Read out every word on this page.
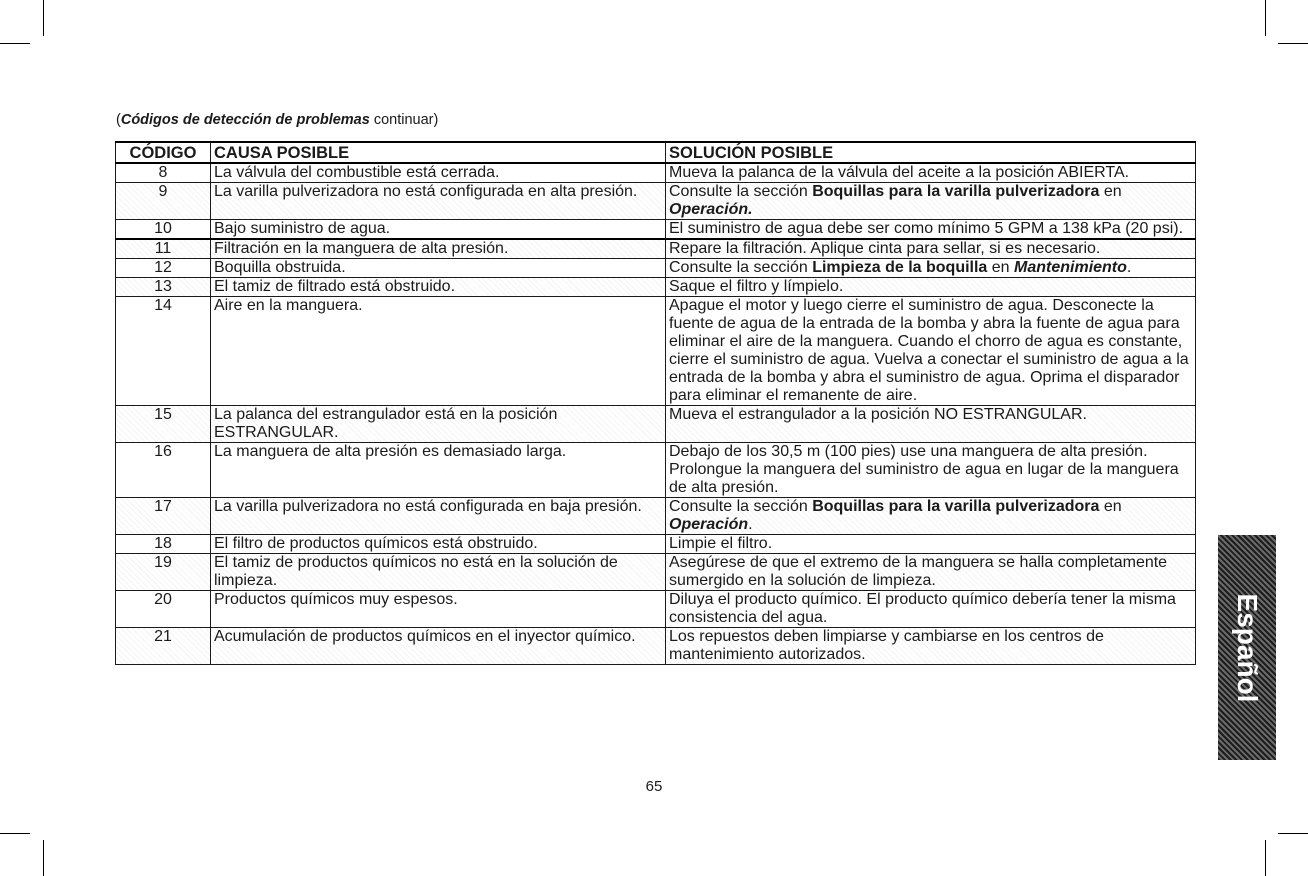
(Códigos de detección de problemas continuar)
CÓDIGO	CAUSA POSIBLE	SOLUCIÓN POSIBLE
8	La válvula del combustible está cerrada.	Mueva la palanca de la válvula del aceite a la posición ABIERTA.
9	La varilla pulverizadora no está configurada en alta presión.	Consulte la sección Boquillas para la varilla pulverizadora en Operación.
10	Bajo suministro de agua.	El suministro de agua debe ser como mínimo 5 GPM a 138 kPa (20 psi).
11	Filtración en la manguera de alta presión.	Repare la filtración. Aplique cinta para sellar, si es necesario.
12	Boquilla obstruida.	Consulte la sección Limpieza de la boquilla en Mantenimiento.
13	El tamiz de filtrado está obstruido.	Saque el filtro y límpielo.
14	Aire en la manguera.	Apague el motor y luego cierre el suministro de agua. Desconecte la fuente de agua de la entrada de la bomba y abra la fuente de agua para eliminar el aire de la manguera. Cuando el chorro de agua es constante, cierre el suministro de agua. Vuelva a conectar el suministro de agua a la entrada de la bomba y abra el suministro de agua. Oprima el disparador para eliminar el remanente de aire.
15	La palanca del estrangulador está en la posición ESTRANGULAR.	Mueva el estrangulador a la posición NO ESTRANGULAR.
16	La manguera de alta presión es demasiado larga.	Debajo de los 30,5 m (100 pies) use una manguera de alta presión. Prolongue la manguera del suministro de agua en lugar de la manguera de alta presión.
17	La varilla pulverizadora no está configurada en baja presión.	Consulte la sección Boquillas para la varilla pulverizadora en Operación.
18	El filtro de productos químicos está obstruido.	Limpie el filtro.
19	El tamiz de productos químicos no está en la solución de limpieza.	Asegúrese de que el extremo de la manguera se halla completamente sumergido en la solución de limpieza.
20	Productos químicos muy espesos.	Diluya el producto químico. El producto químico debería tener la misma consistencia del agua.
21	Acumulación de productos químicos en el inyector químico.	Los repuestos deben limpiarse y cambiarse en los centros de mantenimiento autorizados.
65
Español
